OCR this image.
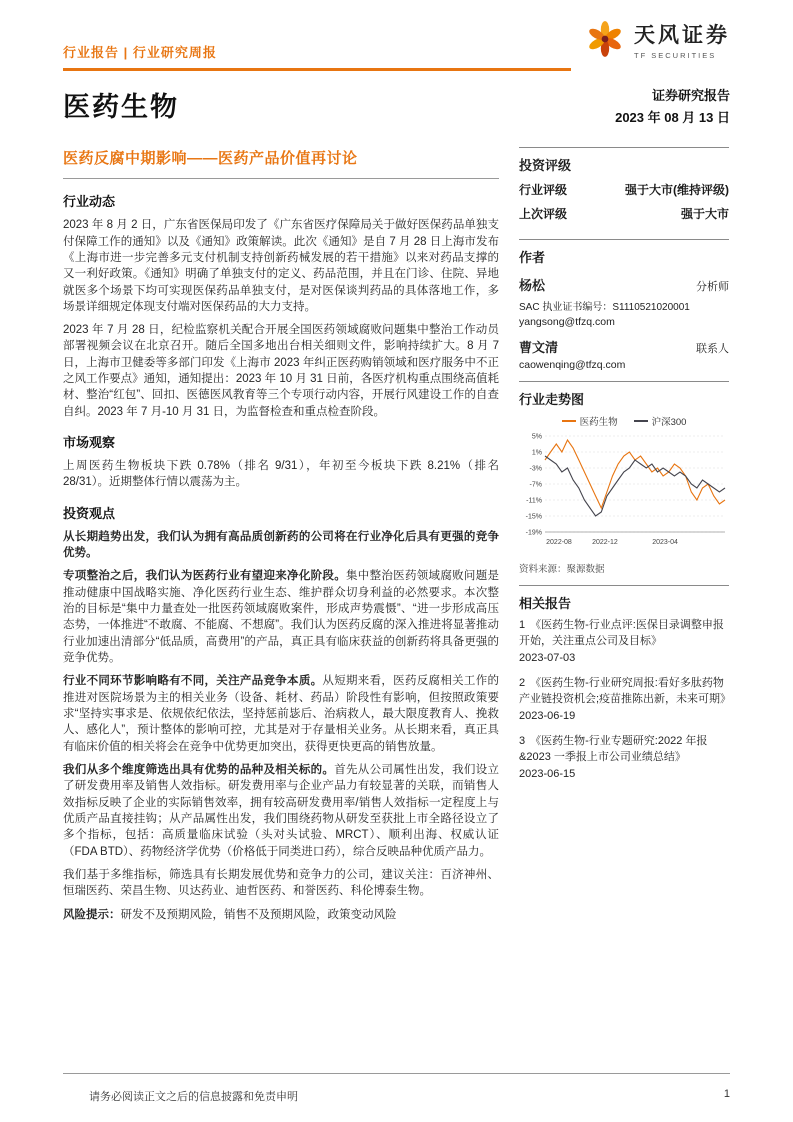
行业报告 | 行业研究周报
天风证券
TF SECURITIES
医药生物	证券研究报告
2023 年 08 月 13 日
医药反腐中期影响——医药产品价值再讨论
行业动态

2023 年 8 月 2 日，广东省医保局印发了《广东省医疗保障局关于做好医保药品单独支付保障工作的通知》以及《通知》政策解读。此次《通知》是自 7 月 28 日上海市发布《上海市进一步完善多元支付机制支持创新药械发展的若干措施》以来对药品支撑的又一利好政策。《通知》明确了单独支付的定义、药品范围，并且在门诊、住院、异地就医多个场景下均可实现医保药品单独支付，是对医保谈判药品的具体落地工作，多场景详细规定体现支付端对医保药品的大力支持。

2023 年 7 月 28 日，纪检监察机关配合开展全国医药领域腐败问题集中整治工作动员部署视频会议在北京召开。随后全国多地出台相关细则文件，影响持续扩大。8 月 7 日，上海市卫健委等多部门印发《上海市 2023 年纠正医药购销领域和医疗服务中不正之风工作要点》通知，通知提出：2023 年 10 月 31 日前，各医疗机构重点围绕高值耗材、整治“红包”、回扣、医德医风教育等三个专项行动内容，开展行风建设工作的自查自纠。2023 年 7 月-10 月 31 日，为监督检查和重点检查阶段。

市场观察

上周医药生物板块下跌 0.78%（排名 9/31），年初至今板块下跌 8.21%（排名 28/31）。近期整体行情以震荡为主。

投资观点

从长期趋势出发，我们认为拥有高品质创新药的公司将在行业净化后具有更强的竞争优势。

专项整治之后，我们认为医药行业有望迎来净化阶段。集中整治医药领域腐败问题是推动健康中国战略实施、净化医药行业生态、维护群众切身利益的必然要求。本次整治的目标是“集中力量查处一批医药领域腐败案件，形成声势震慑”、“进一步形成高压态势，一体推进“不敢腐、不能腐、不想腐”。我们认为医药反腐的深入推进将显著推动行业加速出清部分“低品质，高费用”的产品，真正具有临床获益的创新药将具备更强的竞争优势。

行业不同环节影响略有不同，关注产品竞争本质。从短期来看，医药反腐相关工作的推进对医院场景为主的相关业务（设备、耗材、药品）阶段性有影响，但按照政策要求“坚持实事求是、依规依纪依法，坚持惩前毖后、治病救人，最大限度教育人、挽救人、感化人”，预计整体的影响可控，尤其是对于存量相关业务。从长期来看，真正具有临床价值的相关将会在竞争中优势更加突出，获得更快更高的销售放量。

我们从多个维度筛选出具有优势的品种及相关标的。首先从公司属性出发，我们设立了研发费用率及销售人效指标。研发费用率与企业产品力有较显著的关联，而销售人效指标反映了企业的实际销售效率，拥有较高研发费用率/销售人效指标一定程度上与优质产品直接挂钩；从产品属性出发，我们围绕药物从研发至获批上市全路径设立了多个指标，包括：高质量临床试验（头对头试验、MRCT）、顺利出海、权威认证（FDA BTD）、药物经济学优势（价格低于同类进口药），综合反映品种优质产品力。

我们基于多维指标，筛选具有长期发展优势和竞争力的公司，建议关注：百济神州、恒瑞医药、荣昌生物、贝达药业、迪哲医药、和誉医药、科伦博泰生物。

风险提示：研发不及预期风险，销售不及预期风险，政策变动风险

投资评级
行业评级	强于大市(维持评级)
上次评级	强于大市
作者
杨松	分析师
SAC 执业证书编号：S1110521020001
yangsong@tfzq.com
曹文清	联系人
caowenqing@tfzq.com
行业走势图
医药生物	沪深300
5%
1%
-3%
-7%
-11%
-15%
-19%
2022-08	2022-12	2023-04
资料来源：聚源数据
相关报告
1 《医药生物-行业点评:医保目录调整申报开始，关注重点公司及目标》
2023-07-03
2 《医药生物-行业研究周报:看好多肽药物产业链投资机会;疫苗推陈出新，未来可期》
2023-06-19
3 《医药生物-行业专题研究:2022 年报&2023 一季报上市公司业绩总结》
2023-06-15
请务必阅读正文之后的信息披露和免责申明	1
